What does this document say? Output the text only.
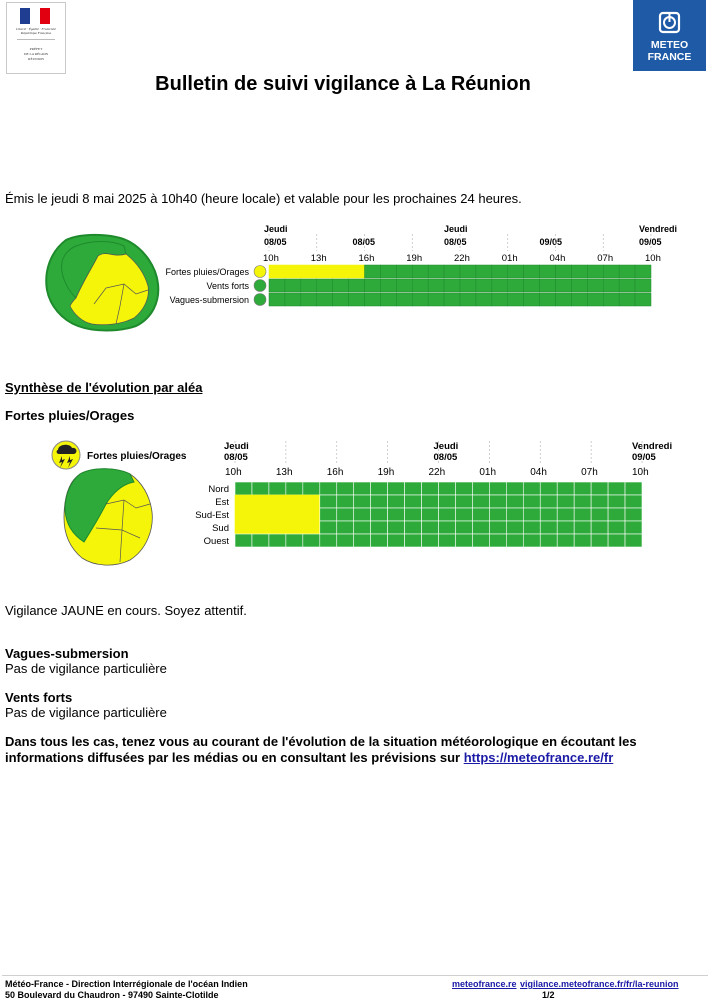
Liberté · Égalité · Fraternité
République Française
PRÉFET
DE LA RÉGION
RÉUNION
METEO
FRANCE
Bulletin de suivi vigilance à La Réunion
Émis le jeudi 8 mai 2025 à 10h40 (heure locale) et valable pour les prochaines 24 heures.
Jeudi
08/05	08/05
Jeudi
08/05	09/05
Vendredi
09/05
10h	13h	16h	19h	22h	01h	04h	07h	10h
Fortes pluies/Orages
Vents forts
Vagues-submersion
Synthèse de l'évolution par aléa
Fortes pluies/Orages
Fortes pluies/Orages
Jeudi
08/05
Jeudi
08/05
Vendredi
09/05
10h	13h	16h	19h	22h	01h	04h	07h	10h
Nord
Est
Sud-Est
Sud
Ouest
Vigilance JAUNE en cours. Soyez attentif.
Vagues-submersion
Pas de vigilance particulière
Vents forts
Pas de vigilance particulière
Dans tous les cas, tenez vous au courant de l'évolution de la situation météorologique en écoutant les informations diffusées par les médias ou en consultant les prévisions sur https://meteofrance.re/fr
Météo-France - Direction Interrégionale de l'océan Indien
50 Boulevard du Chaudron - 97490 Sainte-Clotilde
meteofrance.re vigilance.meteofrance.fr/fr/la-reunion
1/2
